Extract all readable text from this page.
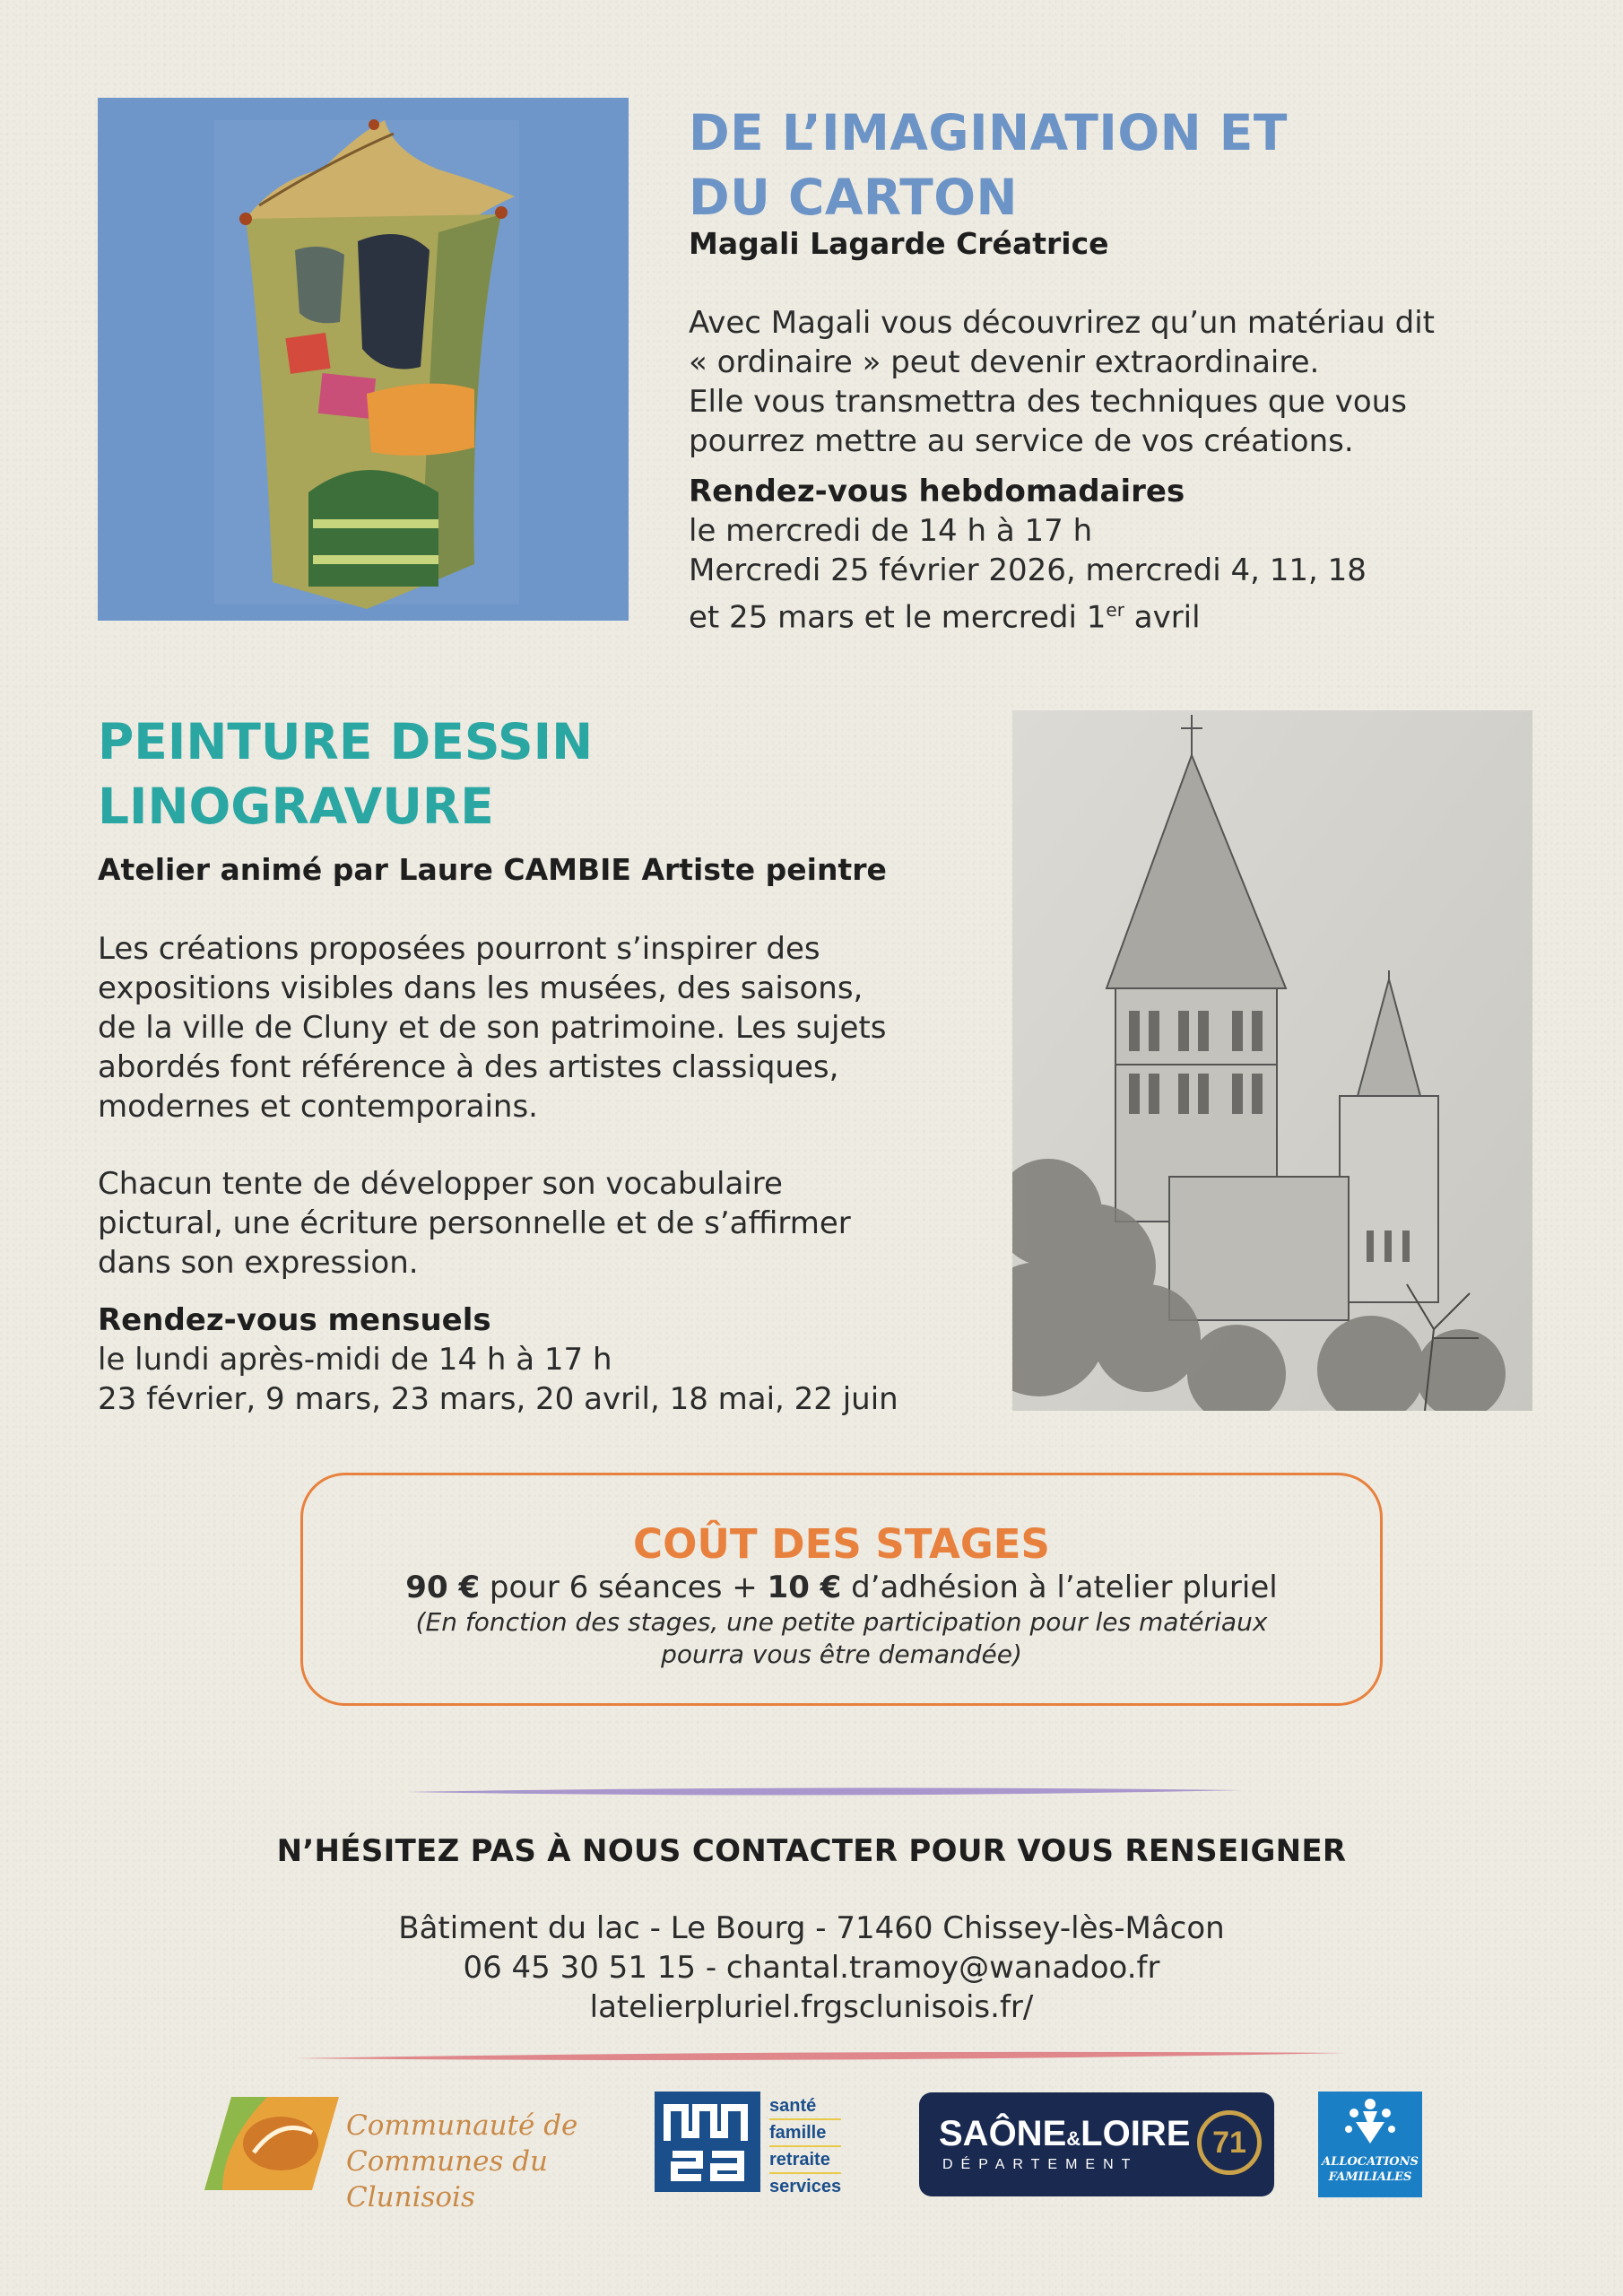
DE L’IMAGINATION ET
DU CARTON
Magali Lagarde Créatrice
Avec Magali vous découvrirez qu’un matériau dit
« ordinaire » peut devenir extraordinaire.
Elle vous transmettra des techniques que vous
pourrez mettre au service de vos créations.
Rendez-vous hebdomadaires
le mercredi de 14 h à 17 h
Mercredi 25 février 2026, mercredi 4, 11, 18
et 25 mars et le mercredi 1er avril
PEINTURE DESSIN
LINOGRAVURE
Atelier animé par Laure CAMBIE Artiste peintre
Les créations proposées pourront s’inspirer des
expositions visibles dans les musées, des saisons,
de la ville de Cluny et de son patrimoine. Les sujets
abordés font référence à des artistes classiques,
modernes et contemporains.
Chacun tente de développer son vocabulaire
pictural, une écriture personnelle et de s’affirmer
dans son expression.
Rendez-vous mensuels
le lundi après-midi de 14 h à 17 h
23 février, 9 mars, 23 mars, 20 avril, 18 mai, 22 juin
COÛT DES STAGES
90 € pour 6 séances + 10 € d’adhésion à l’atelier pluriel
(En fonction des stages, une petite participation pour les matériaux
pourra vous être demandée)
N’HÉSITEZ PAS À NOUS CONTACTER POUR VOUS RENSEIGNER
Bâtiment du lac - Le Bourg - 71460 Chissey-lès-Mâcon
06 45 30 51 15 - chantal.tramoy@wanadoo.fr
latelierpluriel.frgsclunisois.fr/
Communauté de
Communes du Clunisois
santé
famille
retraite
services
SAÔNE&LOIRE
DÉPARTEMENT
71
ALLOCATIONS
FAMILIALES
